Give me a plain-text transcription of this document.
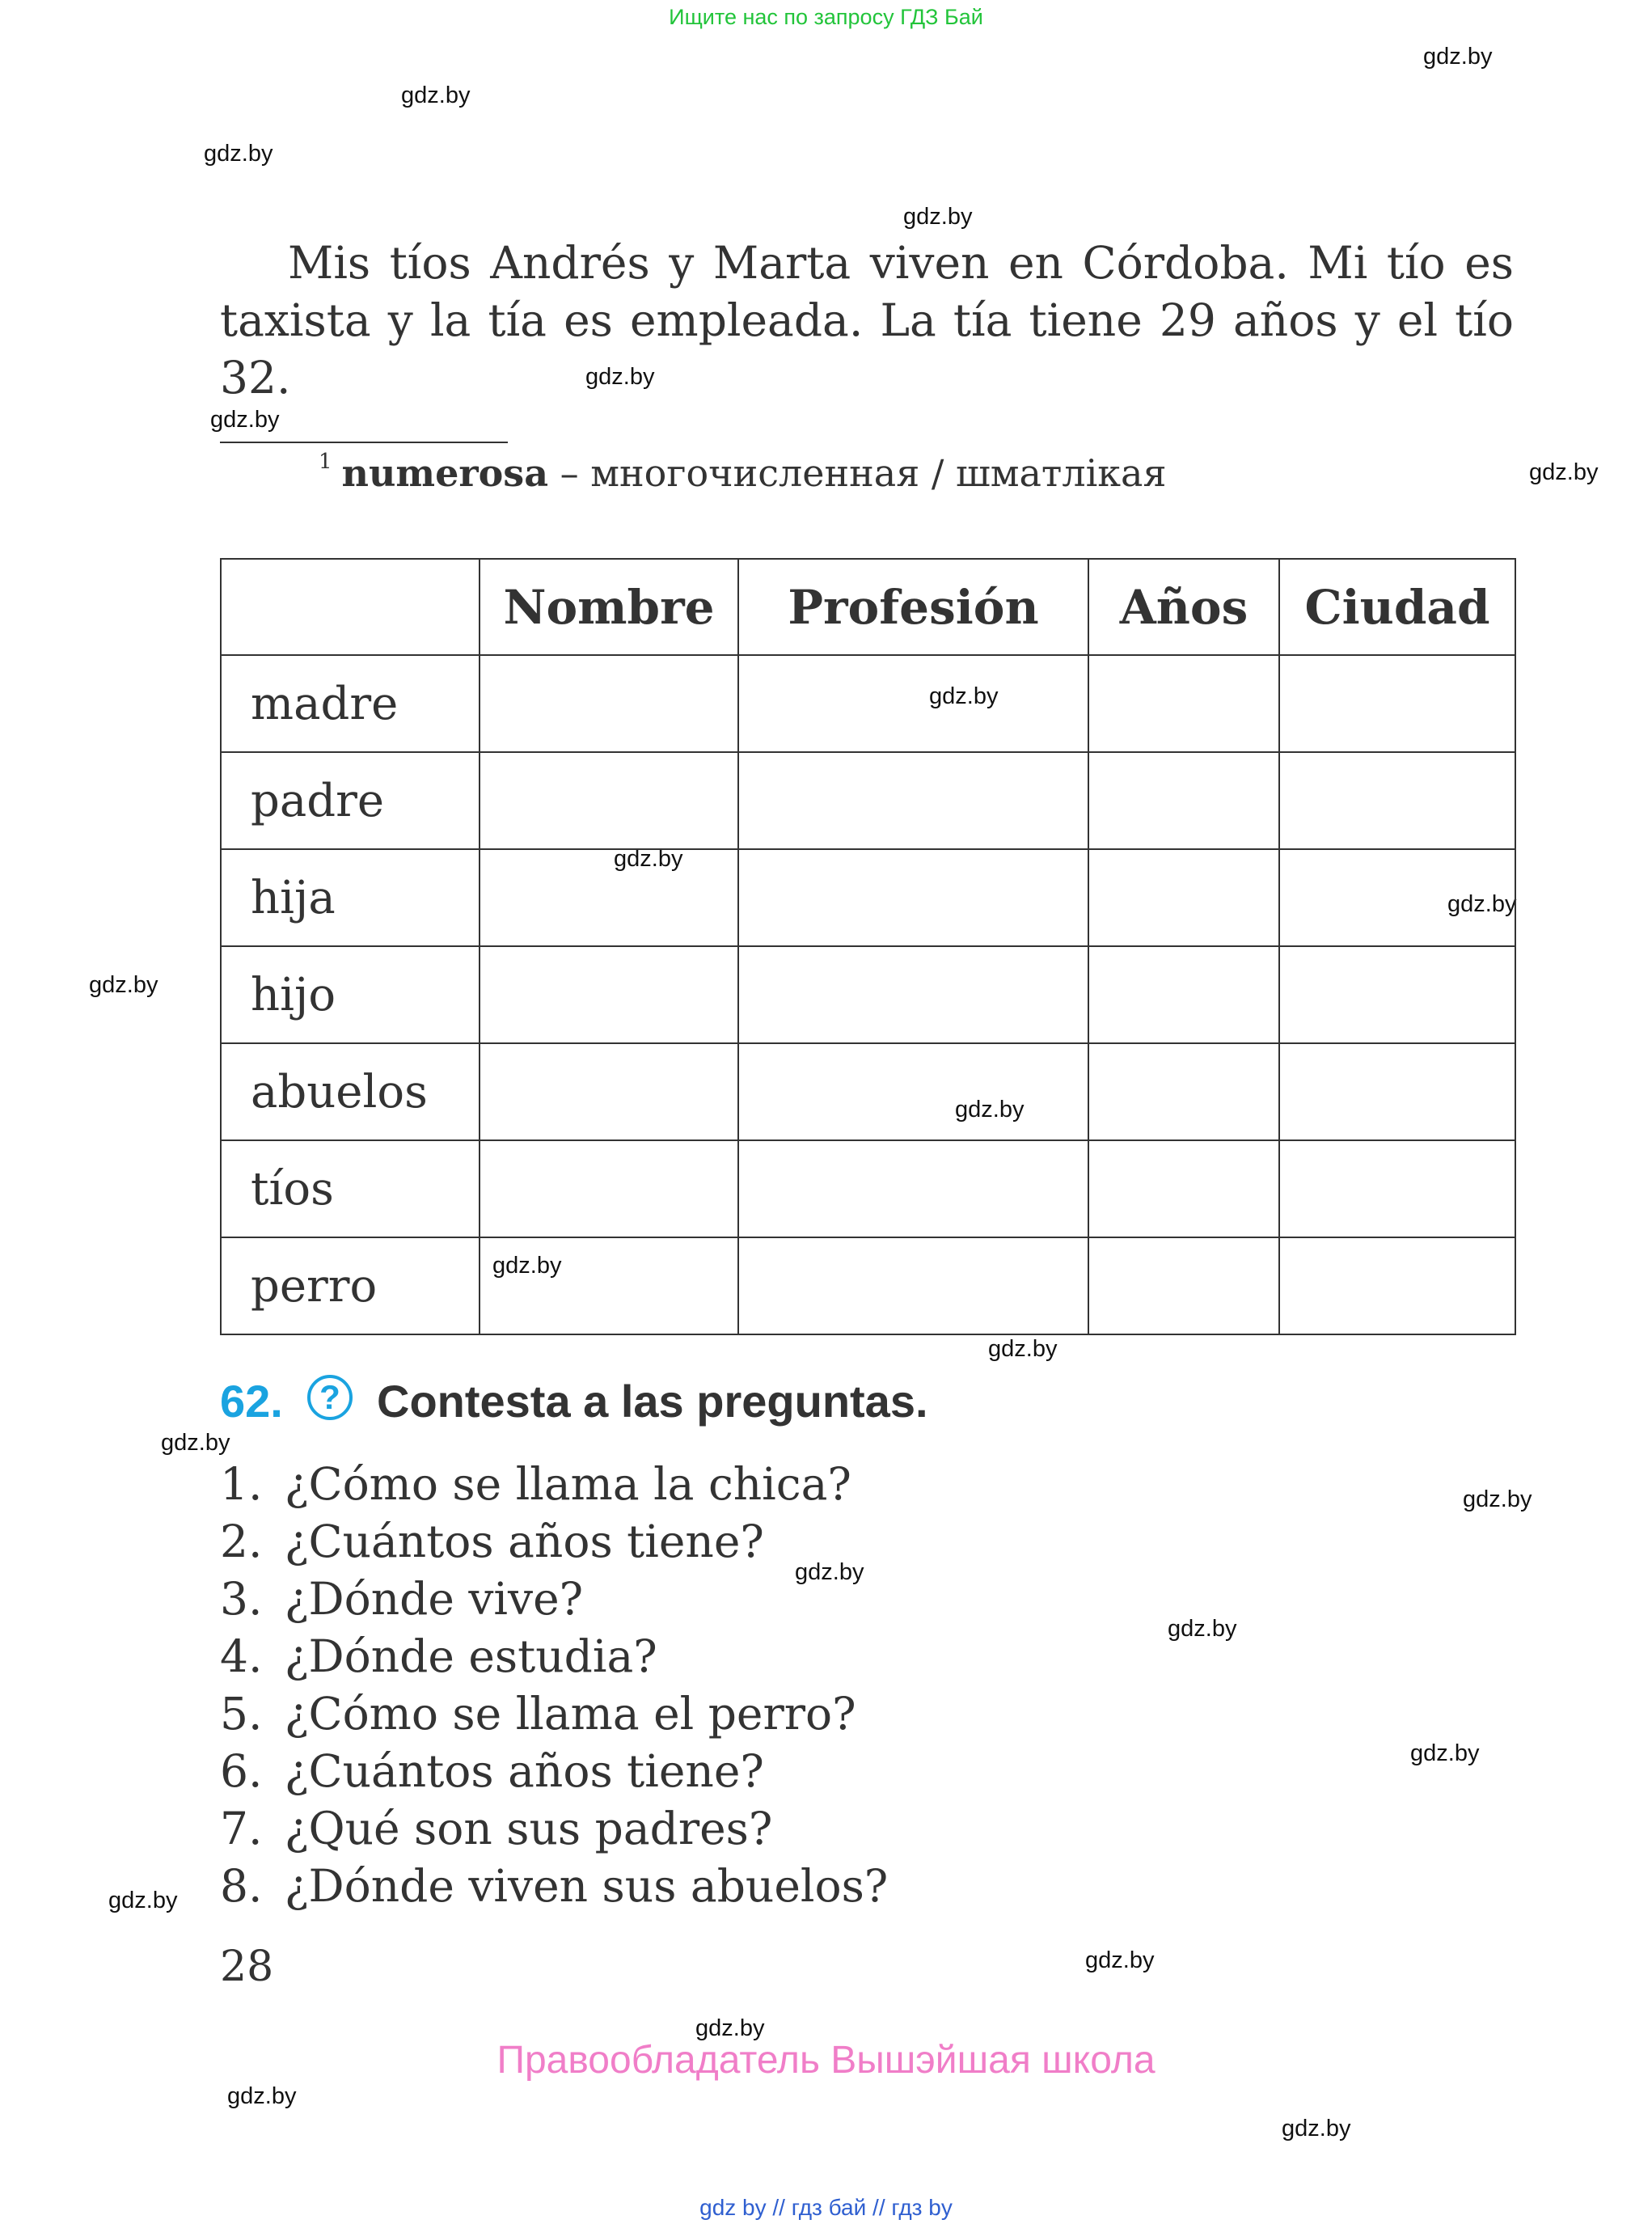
Ищите нас по запросу ГДЗ Бай
gdz.by
gdz.by
gdz.by
gdz.by
gdz.by
gdz.by
gdz.by
gdz.by
gdz.by
gdz.by
gdz.by
gdz.by
gdz.by
gdz.by
gdz.by
gdz.by
gdz.by
gdz.by
gdz.by
gdz.by
gdz.by
gdz.by
gdz.by
gdz.by

Mis tíos Andrés y Marta viven en Córdoba. Mi tío es taxista y la tía es empleada. La tía tiene 29 años y el tío 32.

$^1$ numerosa – многочисленная / шматлікая
	Nombre	Profesión	Años	Ciudad
madre				
padre				
hija				
hijo				
abuelos				
tíos				
perro				
62.	? Contesta a las preguntas.
1. ¿Cómo se llama la chica?
2. ¿Cuántos años tiene?
3. ¿Dónde vive?
4. ¿Dónde estudia?
5. ¿Cómo se llama el perro?
6. ¿Cuántos años tiene?
7. ¿Qué son sus padres?
8. ¿Dónde viven sus abuelos?
28
Правообладатель Вышэйшая школа
gdz by // гдз бай // гдз by
